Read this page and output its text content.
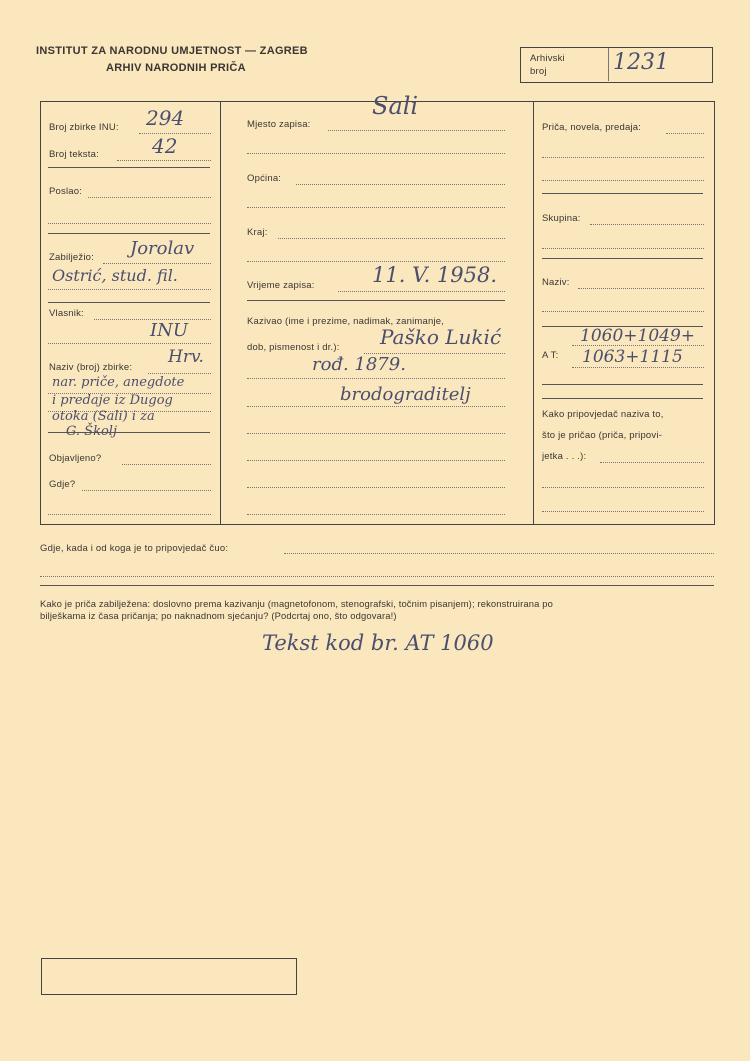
INSTITUT ZA NARODNU UMJETNOST — ZAGREB
ARHIV NARODNIH PRIČA
Arhivski
broj	1231
Broj zbirke INU: 294
Broj teksta:	42
Poslao:
Zabilježio: Jorolav
Ostrić, stud. fil.
Vlasnik:
INU
Naziv (broj) zbirke:
Hrv.
nar. priče, anegdote
i predaje iz Dugog
otoka (Sali) i za
G. Školj
Objavljeno?
Gdje?
Mjesto zapisa:
Sali
Općina:
Kraj:
Vrijeme zapisa:	11. V. 1958.
Kazivao (ime i prezime, nadimak, zanimanje,
dob, pismenost i dr.): Paško Lukić
rođ. 1879.
brodograditelj
Priča, novela, predaja:
Skupina:
Naziv:
A T:
1060+1049+
1063+1115
Kako pripovjedač naziva to,
što je pričao (priča, pripovi-
jetka . . .):
Gdje, kada i od koga je to pripovjedač čuo:
Kako je priča zabilježena: doslovno prema kazivanju (magnetofonom, stenografski, točnim pisanjem); rekonstruirana po
bilješkama iz časa pričanja; po naknadnom sjećanju? (Podcrtaj ono, što odgovara!)
Tekst kod br. AT 1060
